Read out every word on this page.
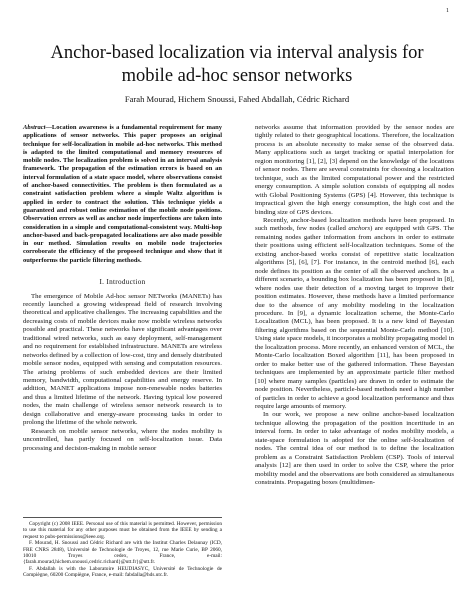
1
Anchor-based localization via interval analysis for
mobile ad-hoc sensor networks

Farah Mourad, Hichem Snoussi, Fahed Abdallah, Cédric Richard

Abstract—Location awareness is a fundamental requirement for many applications of sensor networks. This paper proposes an original technique for self-localization in mobile ad-hoc networks. This method is adapted to the limited computational and memory resources of mobile nodes. The localization problem is solved in an interval analysis framework. The propagation of the estimation errors is based on an interval formulation of a state space model, where observations consist of anchor-based connectivities. The problem is then formulated as a constraint satisfaction problem where a simple Waltz algorithm is applied in order to contract the solution. This technique yields a guaranteed and robust online estimation of the mobile node positions. Observation errors as well as anchor node imperfections are taken into consideration in a simple and computational-consistent way. Multi-hop anchor-based and back-propagated localizations are also made possible in our method. Simulation results on mobile node trajectories corroborate the efficiency of the proposed technique and show that it outperforms the particle filtering methods.

I. Introduction

The emergence of Mobile Ad-hoc sensor NETworks (MANETs) has recently launched a growing widespread field of research involving theoretical and applicative challenges. The increasing capabilities and the decreasing costs of mobile devices make now mobile wireless networks possible and practical. These networks have significant advantages over traditional wired networks, such as easy deployment, self-management and no requirement for established infrastructure. MANETs are wireless networks defined by a collection of low-cost, tiny and densely distributed mobile sensor nodes, equipped with sensing and computation resources. The arising problems of such embedded devices are their limited memory, bandwidth, computational capabilities and energy reserve. In addition, MANET applications impose non-renewable nodes batteries and thus a limited lifetime of the network. Having typical low powered nodes, the main challenge of wireless sensor network research is to design collaborative and energy-aware processing tasks in order to prolong the lifetime of the whole network.

Research on mobile sensor networks, where the nodes mobility is uncontrolled, has partly focused on self-localization issue. Data processing and decision-making in mobile sensor

Copyright (c) 2008 IEEE. Personal use of this material is permitted. However, permission to use this material for any other purposes must be obtained from the IEEE by sending a request to pubs-permissions@ieee.org.

F. Mourad, H. Snoussi and Cédric Richard are with the Institut Charles Delaunay (ICD, FRE CNRS 2848), Université de Technologie de Troyes, 12, rue Marie Curie, BP 2060, 10010 Troyes cedex, France, e-mail: {farah.mourad,hichem.snoussi,cedric.richard}@utt.fr}@utt.fr.

F. Abdallah is with the Laboratoire HEUDIASYC, Université de Technologie de Compiègne, 60200 Compiègne, France, e-mail: fabdalla@hds.utc.fr.

networks assume that information provided by the sensor nodes are tightly related to their geographical locations. Therefore, the localization process is an absolute necessity to make sense of the observed data. Many applications such as target tracking or spatial interpolation for region monitoring [1], [2], [3] depend on the knowledge of the locations of sensor nodes. There are several constraints for choosing a localization technique, such as the limited computational power and the restricted energy consumption. A simple solution consists of equipping all nodes with Global Positioning Systems (GPS) [4]. However, this technique is impractical given the high energy consumption, the high cost and the binding size of GPS devices.

Recently, anchor-based localization methods have been proposed. In such methods, few nodes (called anchors) are equipped with GPS. The remaining nodes gather information from anchors in order to estimate their positions using efficient self-localization techniques. Some of the existing anchor-based works consist of repetitive static localization algorithms [5], [6], [7]. For instance, in the centroid method [6], each node defines its position as the center of all the observed anchors. In a different scenario, a bounding box localization has been proposed in [8], where nodes use their detection of a moving target to improve their position estimates. However, these methods have a limited performance due to the absence of any mobility modeling in the localization procedure. In [9], a dynamic localization scheme, the Monte-Carlo Localization (MCL), has been proposed. It is a new kind of Bayesian filtering algorithms based on the sequential Monte-Carlo method [10]. Using state space models, it incorporates a mobility propagating model in the localization process. More recently, an enhanced version of MCL, the Monte-Carlo localization Boxed algorithm [11], has been proposed in order to make better use of the gathered information. These Bayesian techniques are implemented by an approximate particle filter method [10] where many samples (particles) are drawn in order to estimate the node position. Nevertheless, particle-based methods need a high number of particles in order to achieve a good localization performance and thus require large amounts of memory.

In our work, we propose a new online anchor-based localization technique allowing the propagation of the position incertitude in an interval form. In order to take advantage of nodes mobility models, a state-space formulation is adopted for the online self-localization of nodes. The central idea of our method is to define the localization problem as a Constraint Satisfaction Problem (CSP). Tools of interval analysis [12] are then used in order to solve the CSP, where the prior mobility model and the observations are both considered as simultaneous constraints. Propagating boxes (multidimen-
